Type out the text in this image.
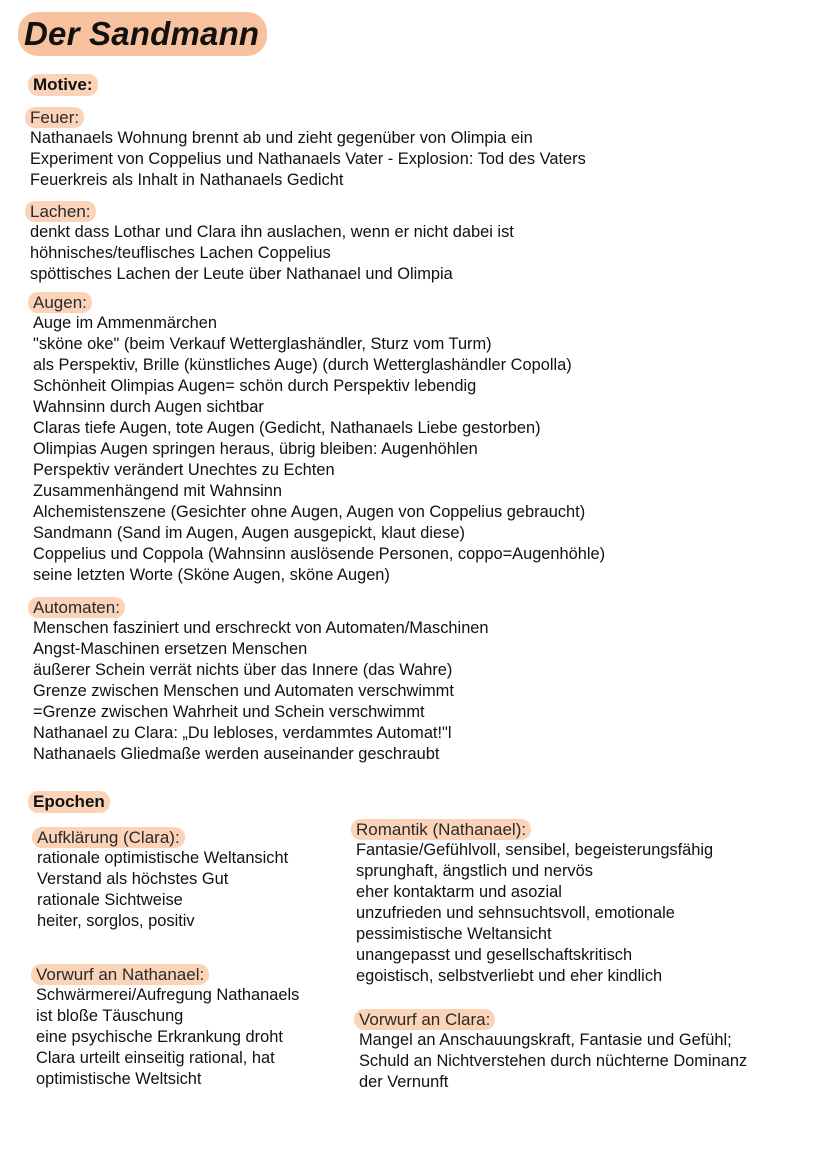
Der Sandmann
Motive:
Feuer:
Nathanaels Wohnung brennt ab und zieht gegenüber von Olimpia ein
Experiment von Coppelius und Nathanaels Vater - Explosion: Tod des Vaters
Feuerkreis als Inhalt in Nathanaels Gedicht
Lachen:
denkt dass Lothar und Clara ihn auslachen, wenn er nicht dabei ist
höhnisches/teuflisches Lachen Coppelius
spöttisches Lachen der Leute über Nathanael und Olimpia
Augen:
Auge im Ammenmärchen
"sköne oke" (beim Verkauf Wetterglashändler, Sturz vom Turm)
als Perspektiv, Brille (künstliches Auge) (durch Wetterglashändler Copolla)
Schönheit Olimpias Augen= schön durch Perspektiv lebendig
Wahnsinn durch Augen sichtbar
Claras tiefe Augen, tote Augen (Gedicht, Nathanaels Liebe gestorben)
Olimpias Augen springen heraus, übrig bleiben: Augenhöhlen
Perspektiv verändert Unechtes zu Echten
Zusammenhängend mit Wahnsinn
Alchemistenszene (Gesichter ohne Augen, Augen von Coppelius gebraucht)
Sandmann (Sand im Augen, Augen ausgepickt, klaut diese)
Coppelius und Coppola (Wahnsinn auslösende Personen, coppo=Augenhöhle)
seine letzten Worte (Sköne Augen, sköne Augen)
Automaten:
Menschen fasziniert und erschreckt von Automaten/Maschinen
Angst-Maschinen ersetzen Menschen
äußerer Schein verrät nichts über das Innere (das Wahre)
Grenze zwischen Menschen und Automaten verschwimmt
=Grenze zwischen Wahrheit und Schein verschwimmt
Nathanael zu Clara: „Du lebloses, verdammtes Automat!"l
Nathanaels Gliedmaße werden auseinander geschraubt
Epochen
Aufklärung (Clara):
rationale optimistische Weltansicht
Verstand als höchstes Gut
rationale Sichtweise
heiter, sorglos, positiv
Vorwurf an Nathanael:
Schwärmerei/Aufregung Nathanaels
ist bloße Täuschung
eine psychische Erkrankung droht
Clara urteilt einseitig rational, hat
optimistische Weltsicht
Romantik (Nathanael):
Fantasie/Gefühlvoll, sensibel, begeisterungsfähig
sprunghaft, ängstlich und nervös
eher kontaktarm und asozial
unzufrieden und sehnsuchtsvoll, emotionale
pessimistische Weltansicht
unangepasst und gesellschaftskritisch
egoistisch, selbstverliebt und eher kindlich
Vorwurf an Clara:
Mangel an Anschauungskraft, Fantasie und Gefühl;
Schuld an Nichtverstehen durch nüchterne Dominanz
der Vernunft
